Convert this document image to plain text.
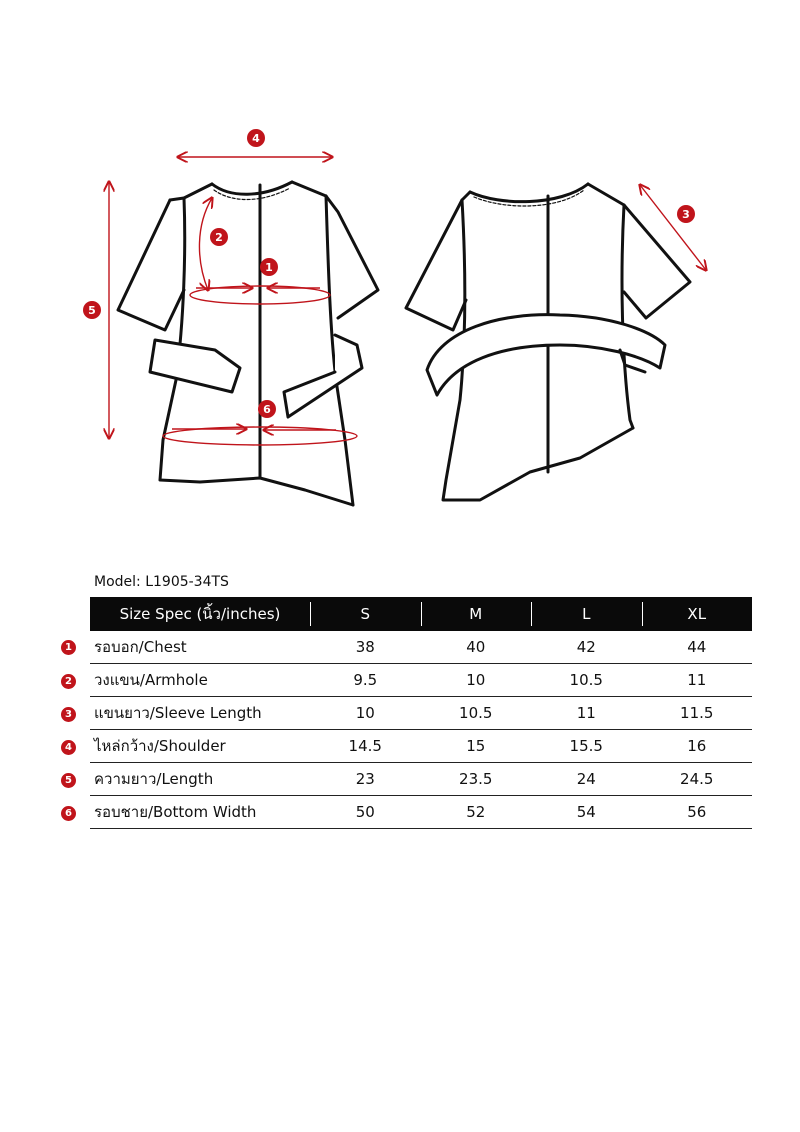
4
2
1
5
3
6
Model: L1905-34TS
Size Spec (นิ้ว/inches)	S	M	L	XL
รอบอก/Chest	38	40	42	44
วงแขน/Armhole	9.5	10	10.5	11
แขนยาว/Sleeve Length	10	10.5	11	11.5
ไหล่กว้าง/Shoulder	14.5	15	15.5	16
ความยาว/Length	23	23.5	24	24.5
รอบชาย/Bottom Width	50	52	54	56
1
2
3
4
5
6
